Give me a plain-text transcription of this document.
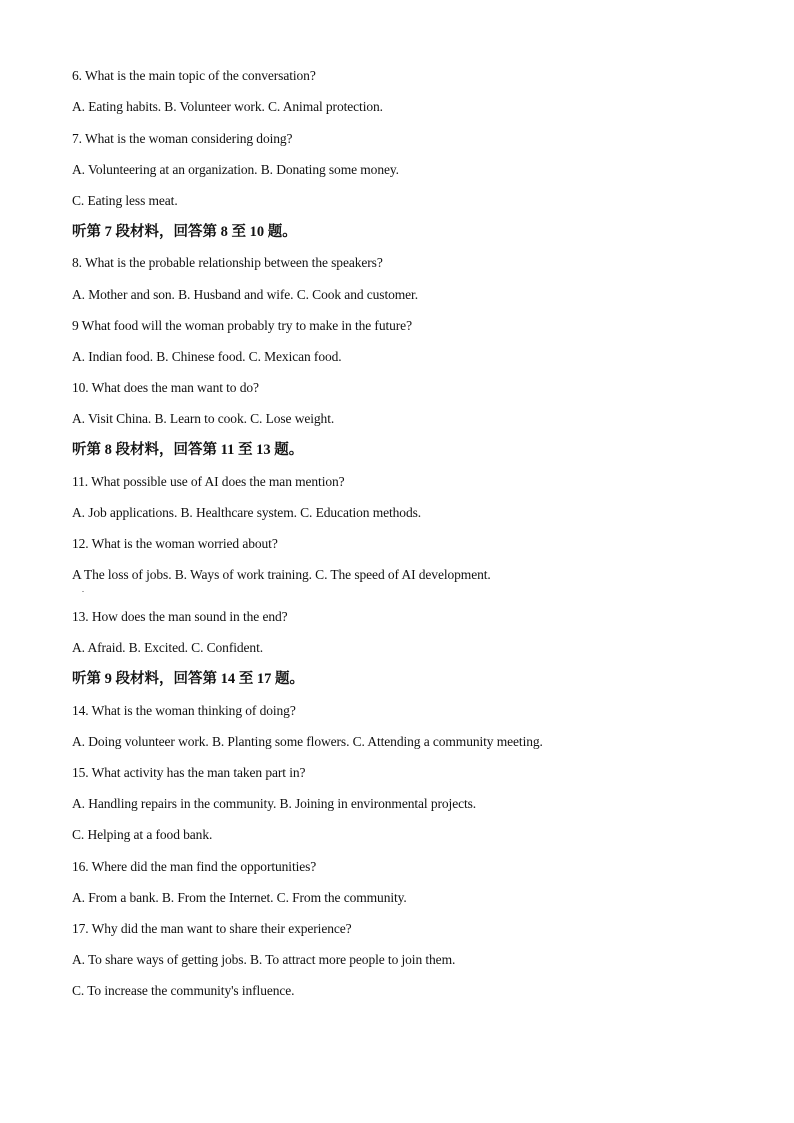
6. What is the main topic of the conversation?
A. Eating habits. B. Volunteer work. C. Animal protection.
7. What is the woman considering doing?
A. Volunteering at an organization. B. Donating some money.
C. Eating less meat.
听第 7 段材料，回答第 8 至 10 题。
8. What is the probable relationship between the speakers?
A. Mother and son. B. Husband and wife. C. Cook and customer.
9 What food will the woman probably try to make in the future?
A. Indian food. B. Chinese food. C. Mexican food.
10. What does the man want to do?
A. Visit China. B. Learn to cook. C. Lose weight.
听第 8 段材料，回答第 11 至 13 题。
11. What possible use of AI does the man mention?
A. Job applications. B. Healthcare system. C. Education methods.
12. What is the woman worried about?
A The loss of jobs. B. Ways of work training. C. The speed of AI development.
.
13. How does the man sound in the end?
A. Afraid. B. Excited. C. Confident.
听第 9 段材料，回答第 14 至 17 题。
14. What is the woman thinking of doing?
A. Doing volunteer work. B. Planting some flowers. C. Attending a community meeting.
15. What activity has the man taken part in?
A. Handling repairs in the community. B. Joining in environmental projects.
C. Helping at a food bank.
16. Where did the man find the opportunities?
A. From a bank. B. From the Internet. C. From the community.
17. Why did the man want to share their experience?
A. To share ways of getting jobs. B. To attract more people to join them.
C. To increase the community's influence.
